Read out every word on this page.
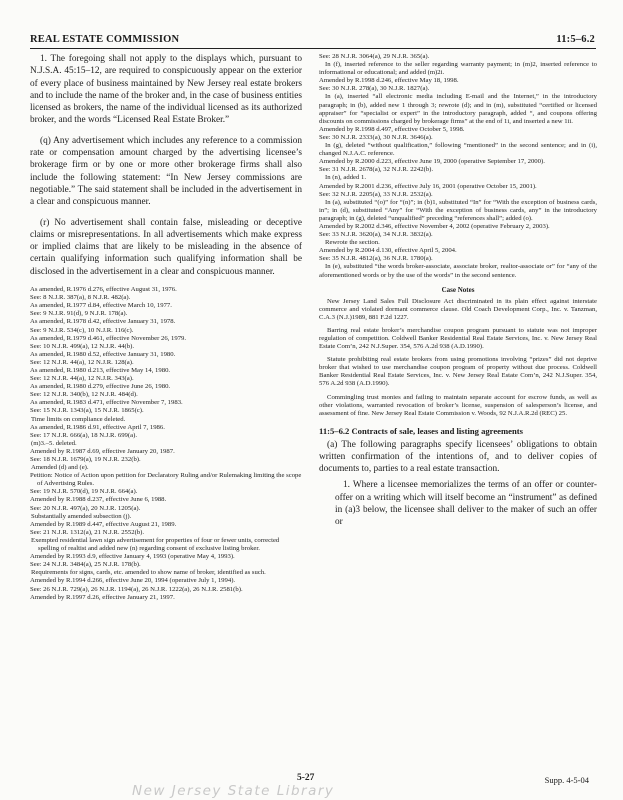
REAL ESTATE COMMISSION	11:5–6.2

1. The foregoing shall not apply to the displays which, pursuant to N.J.S.A. 45:15–12, are required to conspicuously appear on the exterior of every place of business maintained by New Jersey real estate brokers and to include the name of the broker and, in the case of business entities licensed as brokers, the name of the individual licensed as its authorized broker, and the words “Licensed Real Estate Broker.”

(q) Any advertisement which includes any reference to a commission rate or compensation amount charged by the advertising licensee’s brokerage firm or by one or more other brokerage firms shall also include the following statement: “In New Jersey commissions are negotiable.” The said statement shall be included in the advertisement in a clear and conspicuous manner.

(r) No advertisement shall contain false, misleading or deceptive claims or misrepresentations. In all advertisements which make express or implied claims that are likely to be misleading in the absence of certain qualifying information such qualifying information shall be disclosed in the advertisement in a clear and conspicuous manner.

As amended, R.1976 d.276, effective August 31, 1976.
See: 8 N.J.R. 387(a), 8 N.J.R. 482(a).
As amended, R.1977 d.84, effective March 10, 1977.
See: 9 N.J.R. 91(d), 9 N.J.R. 178(a).
As amended, R.1978 d.42, effective January 31, 1978.
See: 9 N.J.R. 534(c), 10 N.J.R. 116(c).
As amended, R.1979 d.461, effective November 26, 1979.
See: 10 N.J.R. 499(a), 12 N.J.R. 44(b).
As amended, R.1980 d.52, effective January 31, 1980.
See: 12 N.J.R. 44(a), 12 N.J.R. 128(a).
As amended, R.1980 d.213, effective May 14, 1980.
See: 12 N.J.R. 44(a), 12 N.J.R. 343(a).
As amended, R.1980 d.279, effective June 26, 1980.
See: 12 N.J.R. 340(b), 12 N.J.R. 484(d).
As amended, R.1983 d.471, effective November 7, 1983.
See: 15 N.J.R. 1343(a), 15 N.J.R. 1865(c).
Time limits on compliance deleted.
As amended, R.1986 d.91, effective April 7, 1986.
See: 17 N.J.R. 666(a), 18 N.J.R. 699(a).
(m)3.–5. deleted.
Amended by R.1987 d.69, effective January 20, 1987.
See: 18 N.J.R. 1679(a), 19 N.J.R. 232(b).
Amended (d) and (e).
Petition: Notice of Action upon petition for Declaratory Ruling and/or Rulemaking limiting the scope of Advertising Rules.
See: 19 N.J.R. 570(d), 19 N.J.R. 664(a).
Amended by R.1988 d.237, effective June 6, 1988.
See: 20 N.J.R. 497(a), 20 N.J.R. 1205(a).
Substantially amended subsection (j).
Amended by R.1989 d.447, effective August 21, 1989.
See: 21 N.J.R. 1312(a), 21 N.J.R. 2552(b).
Exempted residential lawn sign advertisement for properties of four or fewer units, corrected spelling of realtist and added new (n) regarding consent of exclusive listing broker.
Amended by R.1993 d.9, effective January 4, 1993 (operative May 4, 1993).
See: 24 N.J.R. 3484(a), 25 N.J.R. 178(b).
Requirements for signs, cards, etc. amended to show name of broker, identified as such.
Amended by R.1994 d.266, effective June 20, 1994 (operative July 1, 1994).
See: 26 N.J.R. 729(a), 26 N.J.R. 1194(a), 26 N.J.R. 1222(a), 26 N.J.R. 2581(b).
Amended by R.1997 d.26, effective January 21, 1997.
See: 28 N.J.R. 3064(a), 29 N.J.R. 365(a).
In (f), inserted reference to the seller regarding warranty payment; in (m)2, inserted reference to informational or educational; and added (m)2i.
Amended by R.1998 d.246, effective May 18, 1998.
See: 30 N.J.R. 278(a), 30 N.J.R. 1827(a).
In (a), inserted “all electronic media including E-mail and the Internet,” in the introductory paragraph; in (b), added new 1 through 3; rewrote (d); and in (m), substituted “certified or licensed appraiser” for “specialist or expert” in the introductory paragraph, added “, and coupons offering discounts on commissions charged by brokerage firms” at the end of 1i, and inserted a new 1ii.
Amended by R.1998 d.497, effective October 5, 1998.
See: 30 N.J.R. 2333(a), 30 N.J.R. 3646(a).
In (g), deleted “without qualification,” following “mentioned” in the second sentence; and in (i), changed N.J.A.C. reference.
Amended by R.2000 d.223, effective June 19, 2000 (operative September 17, 2000).
See: 31 N.J.R. 2678(a), 32 N.J.R. 2242(b).
In (n), added 1.
Amended by R.2001 d.236, effective July 16, 2001 (operative October 15, 2001).
See: 32 N.J.R. 2205(a), 33 N.J.R. 2532(a).
In (a), substituted “(o)” for “(n)”; in (b)1, substituted “In” for “With the exception of business cards, in”; in (d), substituted “Any” for “With the exception of business cards, any” in the introductory paragraph; in (g), deleted “unqualified” preceding “references shall”; added (o).
Amended by R.2002 d.346, effective November 4, 2002 (operative February 2, 2003).
See: 33 N.J.R. 3620(a), 34 N.J.R. 3832(a).
Rewrote the section.
Amended by R.2004 d.130, effective April 5, 2004.
See: 35 N.J.R. 4812(a), 36 N.J.R. 1780(a).
In (e), substituted “the words broker-associate, associate broker, realtor-associate or” for “any of the aforementioned words or by the use of the words” in the second sentence.
Case Notes

New Jersey Land Sales Full Disclosure Act discriminated in its plain effect against interstate commerce and violated dormant commerce clause. Old Coach Development Corp., Inc. v. Tanzman, C.A.3 (N.J.)1989, 881 F.2d 1227.

Barring real estate broker’s merchandise coupon program pursuant to statute was not improper regulation of competition. Coldwell Banker Residential Real Estate Services, Inc. v. New Jersey Real Estate Com’n, 242 N.J.Super. 354, 576 A.2d 938 (A.D.1990).

Statute prohibiting real estate brokers from using promotions involving “prizes” did not deprive broker that wished to use merchandise coupon program of property without due process. Coldwell Banker Residential Real Estate Services, Inc. v. New Jersey Real Estate Com’n, 242 N.J.Super. 354, 576 A.2d 938 (A.D.1990).

Commingling trust monies and failing to maintain separate account for escrow funds, as well as other violations, warranted revocation of broker’s license, suspension of salesperson’s license, and assessment of fine. New Jersey Real Estate Commission v. Woods, 92 N.J.A.R.2d (REC) 25.

11:5–6.2 Contracts of sale, leases and listing agreements

(a) The following paragraphs specify licensees’ obligations to obtain written confirmation of the intentions of, and to deliver copies of documents to, parties to a real estate transaction.

1. Where a licensee memorializes the terms of an offer or counter-offer on a writing which will itself become an “instrument” as defined in (a)3 below, the licensee shall deliver to the maker of such an offer or

5-27	Supp. 4-5-04
New Jersey State Library
